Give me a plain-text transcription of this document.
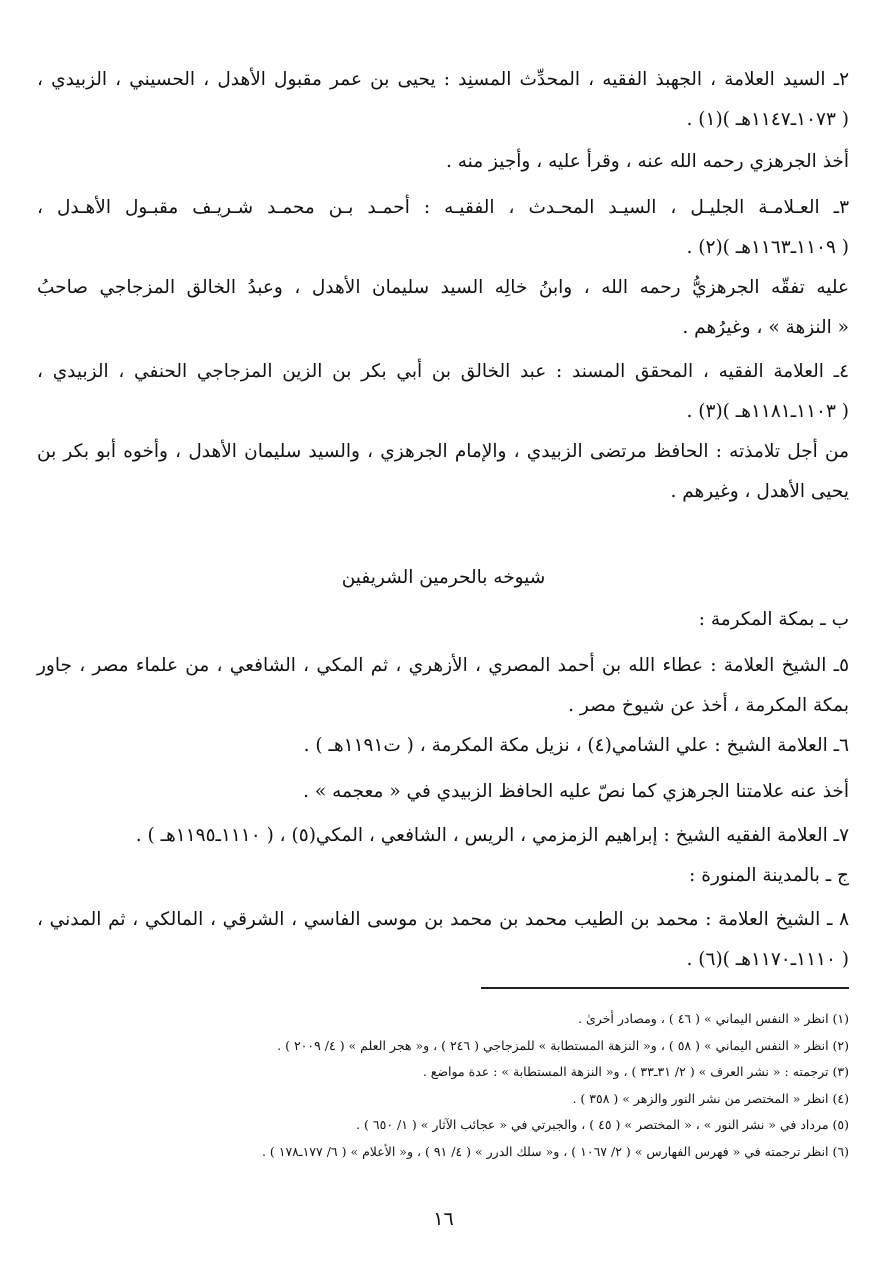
٢ـ السيد العلامة ، الجهبذ الفقيه ، المحدِّث المسنِد : يحيى بن عمر مقبول الأهدل ، الحسيني ، الزبيدي ،
( ١٠٧٣ـ١١٤٧هـ )(١) .

أخذ الجرهزي رحمه الله عنه ، وقرأ عليه ، وأجيز منه .

٣ـ العـلامـة الجليـل ، السيـد المحـدث ، الفقيـه : أحمـد بـن محمـد شـريـف مقبـول الأهـدل ،
( ١١٠٩ـ١١٦٣هـ )(٢) .

عليه تفقّه الجرهزيُّ رحمه الله ، وابنُ خالِه السيد سليمان الأهدل ، وعبدُ الخالق المزجاجي صاحبُ
« النزهة » ، وغيرُهم .

٤ـ العلامة الفقيه ، المحقق المسند : عبد الخالق بن أبي بكر بن الزين المزجاجي الحنفي ، الزبيدي ،
( ١١٠٣ـ١١٨١هـ )(٣) .

من أجل تلامذته : الحافظ مرتضى الزبيدي ، والإمام الجرهزي ، والسيد سليمان الأهدل ، وأخوه أبو بكر بن
يحيى الأهدل ، وغيرهم .

شيوخه بالحرمين الشريفين

ب ـ بمكة المكرمة :

٥ـ الشيخ العلامة : عطاء الله بن أحمد المصري ، الأزهري ، ثم المكي ، الشافعي ، من علماء مصر ، جاور
بمكة المكرمة ، أخذ عن شيوخ مصر .

٦ـ العلامة الشيخ : علي الشامي(٤) ، نزيل مكة المكرمة ، ( ت١١٩١هـ ) .

أخذ عنه علامتنا الجرهزي كما نصّ عليه الحافظ الزبيدي في « معجمه » .

٧ـ العلامة الفقيه الشيخ : إبراهيم الزمزمي ، الريس ، الشافعي ، المكي(٥) ، ( ١١١٠ـ١١٩٥هـ ) .

ج ـ بالمدينة المنورة :

٨ ـ الشيخ العلامة : محمد بن الطيب محمد بن محمد بن موسى الفاسي ، الشرقي ، المالكي ، ثم المدني ،
( ١١١٠ـ١١٧٠هـ )(٦) .

(١) انظر « النفس اليماني » ( ٤٦ ) ، ومصادر أخرىٰ .
(٢) انظر « النفس اليماني » ( ٥٨ ) ، و« النزهة المستطابة » للمزجاجي ( ٢٤٦ ) ، و« هجر العلم » ( ٤/ ٢٠٠٩ ) .
(٣) ترجمته : « نشر العرف » ( ٢/ ٣١ـ٣٣ ) ، و« النزهة المستطابة » : عدة مواضع .
(٤) انظر « المختصر من نشر النور والزهر » ( ٣٥٨ ) .
(٥) مرداد في « نشر النور » ، « المختصر » ( ٤٥ ) ، والجبرتي في « عجائب الآثار » ( ١/ ٦٥٠ ) .
(٦) انظر ترجمته في « فهرس الفهارس » ( ٢/ ١٠٦٧ ) ، و« سلك الدرر » ( ٤/ ٩١ ) ، و« الأعلام » ( ٦/ ١٧٧ـ١٧٨ ) .
١٦
